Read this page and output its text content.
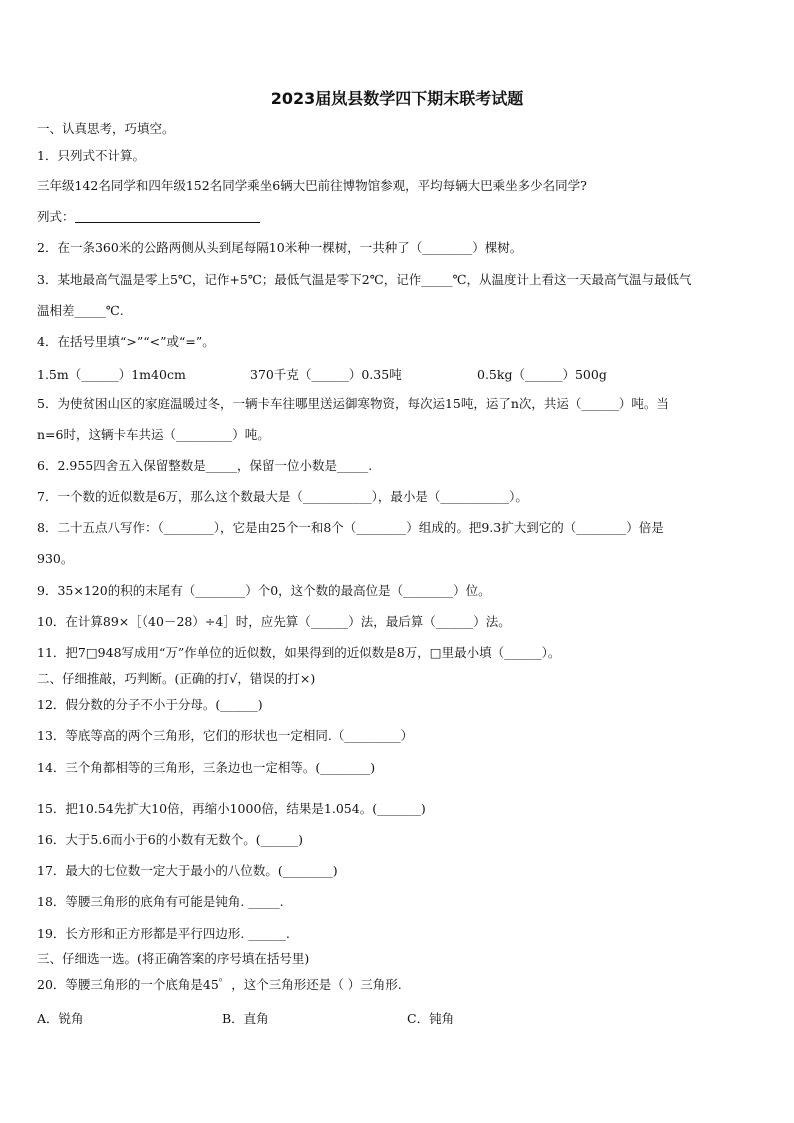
2023届岚县数学四下期末联考试题
一、认真思考，巧填空。
1．只列式不计算。
三年级142名同学和四年级152名同学乘坐6辆大巴前往博物馆参观，平均每辆大巴乘坐多少名同学?
列式：
2．在一条360米的公路两侧从头到尾每隔10米种一棵树，一共种了（________）棵树。
3．某地最高气温是零上5℃，记作+5℃；最低气温是零下2℃，记作_____℃，从温度计上看这一天最高气温与最低气
温相差_____℃.
4．在括号里填“>”“<”或“=”。
1.5m（______）1m40cm	370千克（______）0.35吨	0.5kg（______）500g
5．为使贫困山区的家庭温暖过冬，一辆卡车往哪里送运御寒物资，每次运15吨，运了n次，共运（______）吨。当
n=6时，这辆卡车共运（_________）吨。
6．2.955四舍五入保留整数是_____，保留一位小数是_____.
7．一个数的近似数是6万，那么这个数最大是（___________），最小是（___________）。
8．二十五点八写作：（________），它是由25个一和8个（________）组成的。把9.3扩大到它的（________）倍是
930。
9．35×120的积的末尾有（________）个0，这个数的最高位是（________）位。
10．在计算89×［（40－28）÷4］时，应先算（______）法，最后算（______）法。
11．把7□948写成用“万”作单位的近似数，如果得到的近似数是8万，□里最小填（______）。
二、仔细推敲，巧判断。(正确的打√，错误的打×)
12．假分数的分子不小于分母。(______)
13．等底等高的两个三角形，它们的形状也一定相同.（_________）
14．三个角都相等的三角形，三条边也一定相等。(________)
15．把10.54先扩大10倍，再缩小1000倍，结果是1.054。(_______)
16．大于5.6而小于6的小数有无数个。(______)
17．最大的七位数一定大于最小的八位数。(________)
18．等腰三角形的底角有可能是钝角. _____.
19．长方形和正方形都是平行四边形. ______.
三、仔细选一选。(将正确答案的序号填在括号里)
20．等腰三角形的一个底角是45゜，这个三角形还是（ ）三角形.
A．锐角	B．直角	C．钝角
